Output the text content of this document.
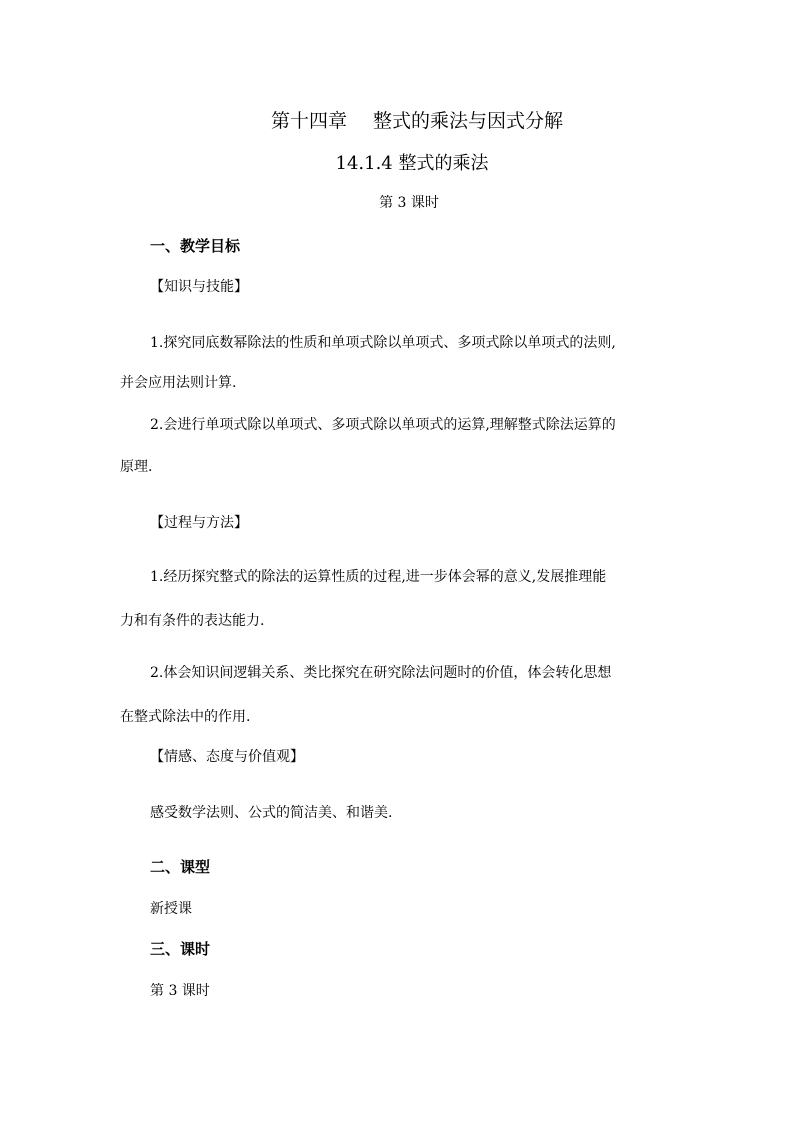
第十四章 整式的乘法与因式分解
14.1.4 整式的乘法
第 3 课时
一、教学目标
【知识与技能】
1.探究同底数幂除法的性质和单项式除以单项式、多项式除以单项式的法则,
并会应用法则计算.
2.会进行单项式除以单项式、多项式除以单项式的运算,理解整式除法运算的
原理.
【过程与方法】
1.经历探究整式的除法的运算性质的过程,进一步体会幂的意义,发展推理能
力和有条件的表达能力.
2.体会知识间逻辑关系、类比探究在研究除法问题时的价值，体会转化思想
在整式除法中的作用.
【情感、态度与价值观】
感受数学法则、公式的简洁美、和谐美.
二、课型
新授课
三、课时
第 3 课时
